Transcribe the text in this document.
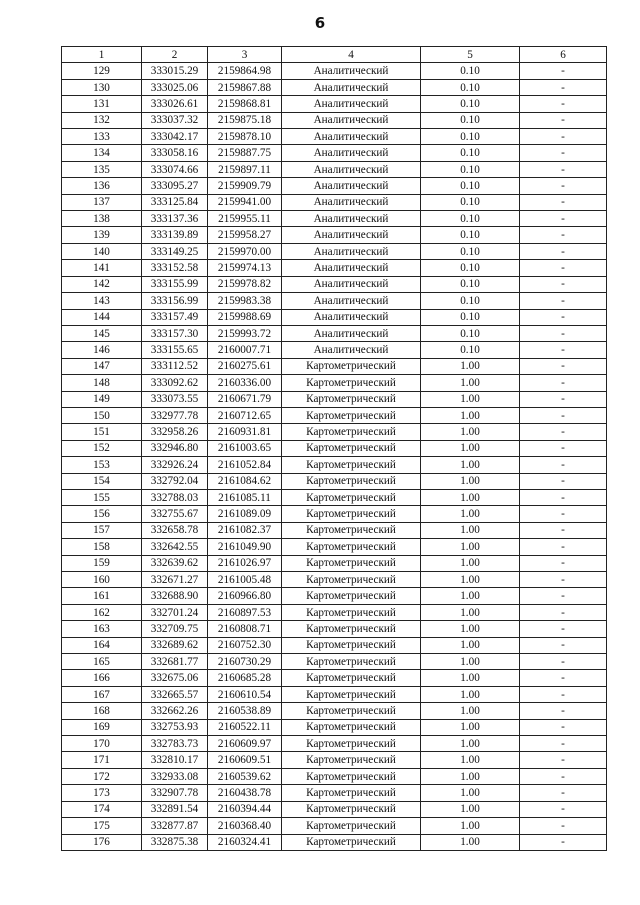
6
1	2	3	4	5	6
129	333015.29	2159864.98	Аналитический	0.10	-
130	333025.06	2159867.88	Аналитический	0.10	-
131	333026.61	2159868.81	Аналитический	0.10	-
132	333037.32	2159875.18	Аналитический	0.10	-
133	333042.17	2159878.10	Аналитический	0.10	-
134	333058.16	2159887.75	Аналитический	0.10	-
135	333074.66	2159897.11	Аналитический	0.10	-
136	333095.27	2159909.79	Аналитический	0.10	-
137	333125.84	2159941.00	Аналитический	0.10	-
138	333137.36	2159955.11	Аналитический	0.10	-
139	333139.89	2159958.27	Аналитический	0.10	-
140	333149.25	2159970.00	Аналитический	0.10	-
141	333152.58	2159974.13	Аналитический	0.10	-
142	333155.99	2159978.82	Аналитический	0.10	-
143	333156.99	2159983.38	Аналитический	0.10	-
144	333157.49	2159988.69	Аналитический	0.10	-
145	333157.30	2159993.72	Аналитический	0.10	-
146	333155.65	2160007.71	Аналитический	0.10	-
147	333112.52	2160275.61	Картометрический	1.00	-
148	333092.62	2160336.00	Картометрический	1.00	-
149	333073.55	2160671.79	Картометрический	1.00	-
150	332977.78	2160712.65	Картометрический	1.00	-
151	332958.26	2160931.81	Картометрический	1.00	-
152	332946.80	2161003.65	Картометрический	1.00	-
153	332926.24	2161052.84	Картометрический	1.00	-
154	332792.04	2161084.62	Картометрический	1.00	-
155	332788.03	2161085.11	Картометрический	1.00	-
156	332755.67	2161089.09	Картометрический	1.00	-
157	332658.78	2161082.37	Картометрический	1.00	-
158	332642.55	2161049.90	Картометрический	1.00	-
159	332639.62	2161026.97	Картометрический	1.00	-
160	332671.27	2161005.48	Картометрический	1.00	-
161	332688.90	2160966.80	Картометрический	1.00	-
162	332701.24	2160897.53	Картометрический	1.00	-
163	332709.75	2160808.71	Картометрический	1.00	-
164	332689.62	2160752.30	Картометрический	1.00	-
165	332681.77	2160730.29	Картометрический	1.00	-
166	332675.06	2160685.28	Картометрический	1.00	-
167	332665.57	2160610.54	Картометрический	1.00	-
168	332662.26	2160538.89	Картометрический	1.00	-
169	332753.93	2160522.11	Картометрический	1.00	-
170	332783.73	2160609.97	Картометрический	1.00	-
171	332810.17	2160609.51	Картометрический	1.00	-
172	332933.08	2160539.62	Картометрический	1.00	-
173	332907.78	2160438.78	Картометрический	1.00	-
174	332891.54	2160394.44	Картометрический	1.00	-
175	332877.87	2160368.40	Картометрический	1.00	-
176	332875.38	2160324.41	Картометрический	1.00	-
